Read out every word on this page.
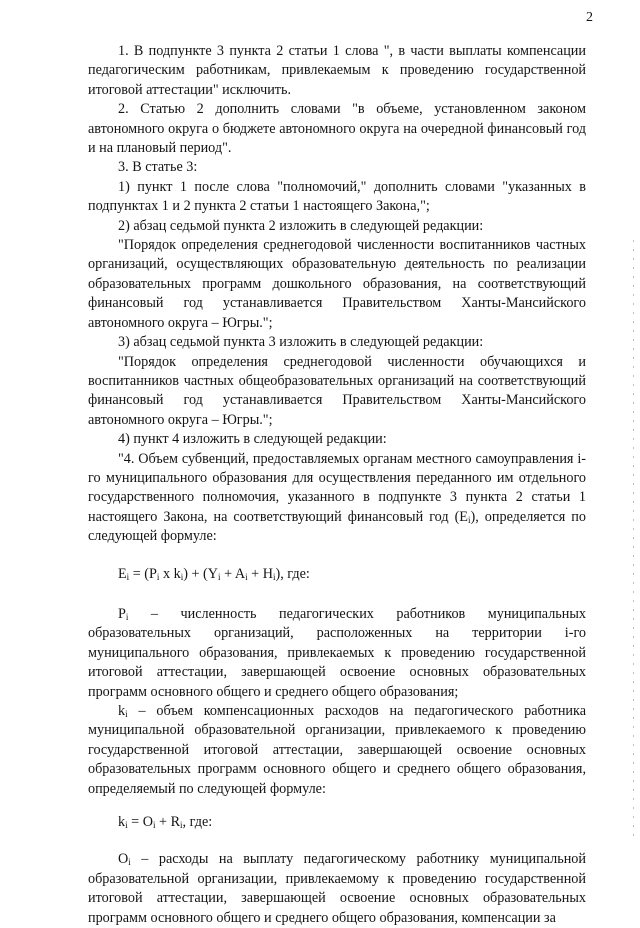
2

1. В подпункте 3 пункта 2 статьи 1 слова ", в части выплаты компенсации педагогическим работникам, привлекаемым к проведению государственной итоговой аттестации" исключить.

2. Статью 2 дополнить словами "в объеме, установленном законом автономного округа о бюджете автономного округа на очередной финансовый год и на плановый период".

3. В статье 3:

1) пункт 1 после слова "полномочий," дополнить словами "указанных в подпунктах 1 и 2 пункта 2 статьи 1 настоящего Закона,";

2) абзац седьмой пункта 2 изложить в следующей редакции:

"Порядок определения среднегодовой численности воспитанников частных организаций, осуществляющих образовательную деятельность по реализации образовательных программ дошкольного образования, на соответствующий финансовый год устанавливается Правительством Ханты-Мансийского автономного округа – Югры.";

3) абзац седьмой пункта 3 изложить в следующей редакции:

"Порядок определения среднегодовой численности обучающихся и воспитанников частных общеобразовательных организаций на соответствующий финансовый год устанавливается Правительством Ханты-Мансийского автономного округа – Югры.";

4) пункт 4 изложить в следующей редакции:

"4. Объем субвенций, предоставляемых органам местного самоуправления i-го муниципального образования для осуществления переданного им отдельного государственного полномочия, указанного в подпункте 3 пункта 2 статьи 1 настоящего Закона, на соответствующий финансовый год $(E_i)$, определяется по следующей формуле:

$E_i = (P_i$ x $k_i) + (Y_i + A_i + H_i)$, где:

$P_i$ – численность педагогических работников муниципальных образовательных организаций, расположенных на территории i-го муниципального образования, привлекаемых к проведению государственной итоговой аттестации, завершающей освоение основных образовательных программ основного общего и среднего общего образования;

$k_i$ – объем компенсационных расходов на педагогического работника муниципальной образовательной организации, привлекаемого к проведению государственной итоговой аттестации, завершающей освоение основных образовательных программ основного общего и среднего общего образования, определяемый по следующей формуле:

$k_i = O_i + R_i$, где:

$O_i$ – расходы на выплату педагогическому работнику муниципальной образовательной организации, привлекаемому к проведению государственной итоговой аттестации, завершающей освоение основных образовательных программ основного общего и среднего общего образования, компенсации за
